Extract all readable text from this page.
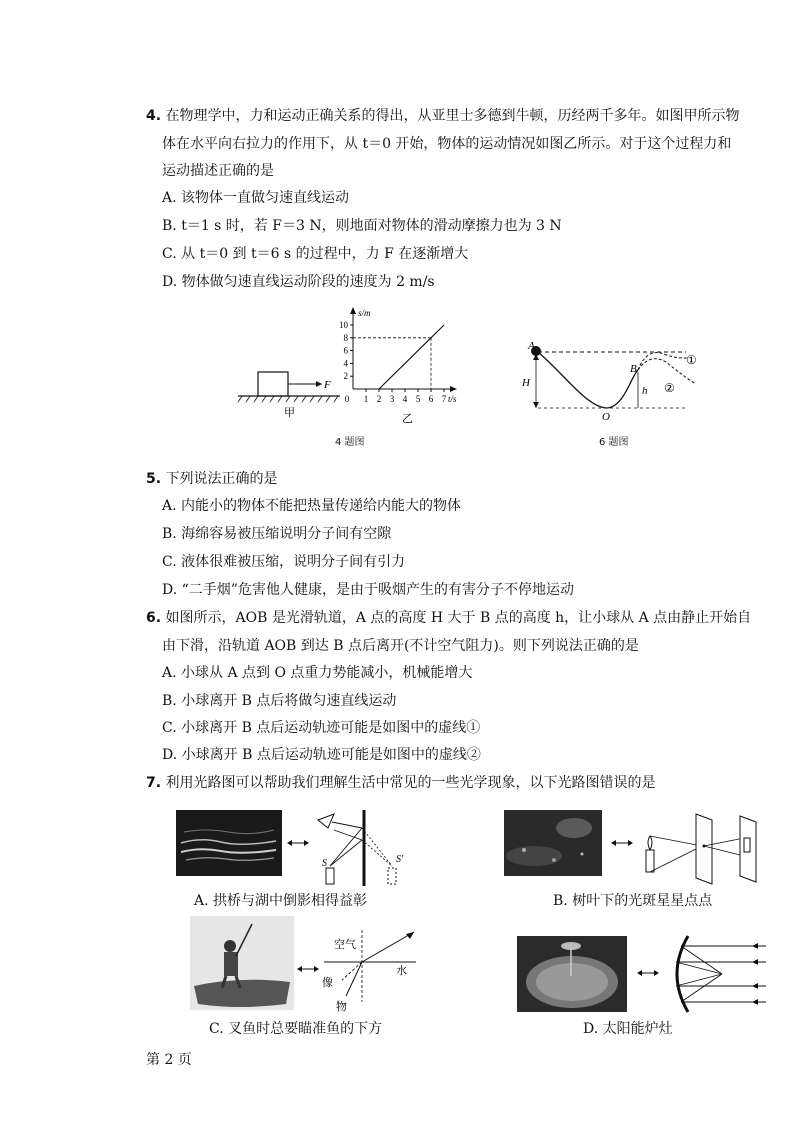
4. 在物理学中，力和运动正确关系的得出，从亚里士多德到牛顿，历经两千多年。如图甲所示物
体在水平向右拉力的作用下，从 t＝0 开始，物体的运动情况如图乙所示。对于这个过程力和
运动描述正确的是
A. 该物体一直做匀速直线运动
B. t＝1 s 时，若 F＝3 N，则地面对物体的滑动摩擦力也为 3 N
C. 从 t＝0 到 t＝6 s 的过程中，力 F 在逐渐增大
D. 物体做匀速直线运动阶段的速度为 2 m/s
F
甲
s/m
t/s
2
4
6
8
10
0 1 2 3 4 5 6 7
乙
4 题图
H
A
O
B
h
①
②
6 题图
5. 下列说法正确的是
A. 内能小的物体不能把热量传递给内能大的物体
B. 海绵容易被压缩说明分子间有空隙
C. 液体很难被压缩，说明分子间有引力
D. “二手烟”危害他人健康，是由于吸烟产生的有害分子不停地运动
6. 如图所示，AOB 是光滑轨道，A 点的高度 H 大于 B 点的高度 h，让小球从 A 点由静止开始自
由下滑，沿轨道 AOB 到达 B 点后离开(不计空气阻力)。则下列说法正确的是
A. 小球从 A 点到 O 点重力势能减小，机械能增大
B. 小球离开 B 点后将做匀速直线运动
C. 小球离开 B 点后运动轨迹可能是如图中的虚线①
D. 小球离开 B 点后运动轨迹可能是如图中的虚线②
7. 利用光路图可以帮助我们理解生活中常见的一些光学现象，以下光路图错误的是
S	S′
A. 拱桥与湖中倒影相得益彰	B. 树叶下的光斑星星点点
空气
水
像
物
C. 叉鱼时总要瞄准鱼的下方	D. 太阳能炉灶
第 2 页
